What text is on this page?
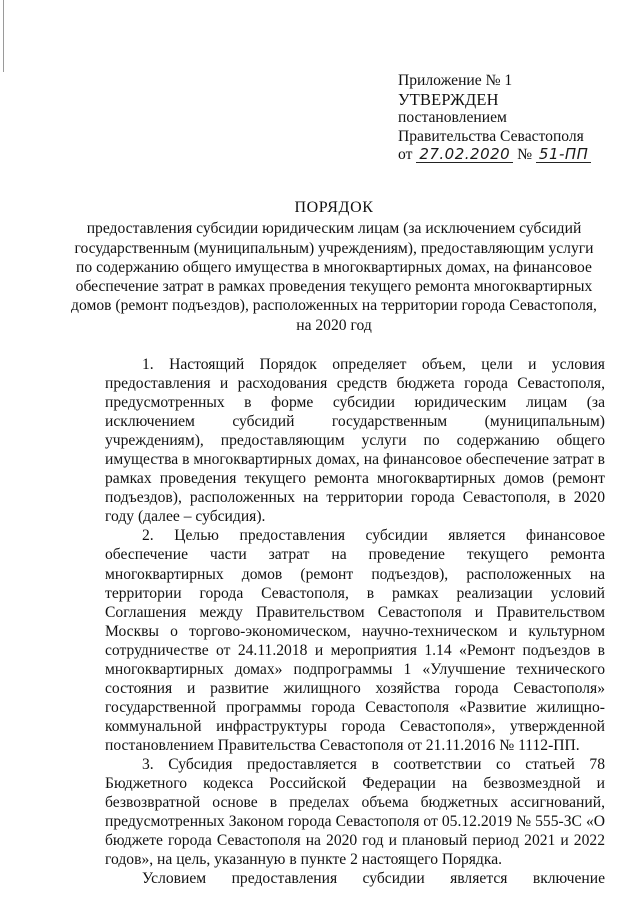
Приложение № 1
УТВЕРЖДЕН
постановлением
Правительства Севастополя
от 27.02.2020 № 51-ПП
ПОРЯДОК
предоставления субсидии юридическим лицам (за исключением субсидий государственным (муниципальным) учреждениям), предоставляющим услуги по содержанию общего имущества в многоквартирных домах, на финансовое обеспечение затрат в рамках проведения текущего ремонта многоквартирных домов (ремонт подъездов), расположенных на территории города Севастополя, на 2020 год

1. Настоящий Порядок определяет объем, цели и условия предоставления и расходования средств бюджета города Севастополя, предусмотренных в форме субсидии юридическим лицам (за исключением субсидий государственным (муниципальным) учреждениям), предоставляющим услуги по содержанию общего имущества в многоквартирных домах, на финансовое обеспечение затрат в рамках проведения текущего ремонта многоквартирных домов (ремонт подъездов), расположенных на территории города Севастополя, в 2020 году (далее – субсидия).

2. Целью предоставления субсидии является финансовое обеспечение части затрат на проведение текущего ремонта многоквартирных домов (ремонт подъездов), расположенных на территории города Севастополя, в рамках реализации условий Соглашения между Правительством Севастополя и Правительством Москвы о торгово-экономическом, научно-техническом и культурном сотрудничестве от 24.11.2018 и мероприятия 1.14 «Ремонт подъездов в многоквартирных домах» подпрограммы 1 «Улучшение технического состояния и развитие жилищного хозяйства города Севастополя» государственной программы города Севастополя «Развитие жилищно-коммунальной инфраструктуры города Севастополя», утвержденной постановлением Правительства Севастополя от 21.11.2016 № 1112-ПП.

3. Субсидия предоставляется в соответствии со статьей 78 Бюджетного кодекса Российской Федерации на безвозмездной и безвозвратной основе в пределах объема бюджетных ассигнований, предусмотренных Законом города Севастополя от 05.12.2019 № 555-ЗС «О бюджете города Севастополя на 2020 год и плановый период 2021 и 2022 годов», на цель, указанную в пункте 2 настоящего Порядка.

Условием предоставления субсидии является включение
